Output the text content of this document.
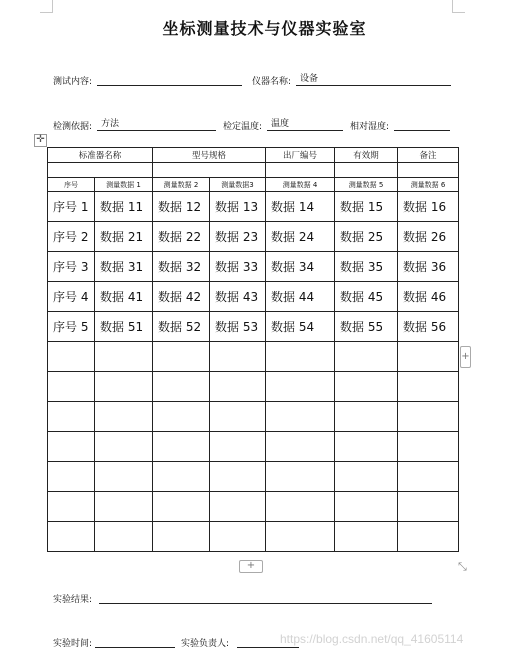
坐标测量技术与仪器实验室
测试内容:	仪器名称: 设备
检测依据: 方法	检定温度: 温度	相对湿度:
✛
标准器名称		型号规格		出厂编号	有效期	备注

序号	测量数据 1	测量数据 2	测量数据3	测量数据 4	测量数据 5	测量数据 6
序号 1	数据 11	数据 12	数据 13	数据 14	数据 15	数据 16
序号 2	数据 21	数据 22	数据 23	数据 24	数据 25	数据 26
序号 3	数据 31	数据 32	数据 33	数据 34	数据 35	数据 36
序号 4	数据 41	数据 42	数据 43	数据 44	数据 45	数据 46
序号 5	数据 51	数据 52	数据 53	数据 54	数据 55	数据 56

+
+	⤡
实验结果:
实验时间:	实验负责人:	https://blog.csdn.net/qq_41605114
